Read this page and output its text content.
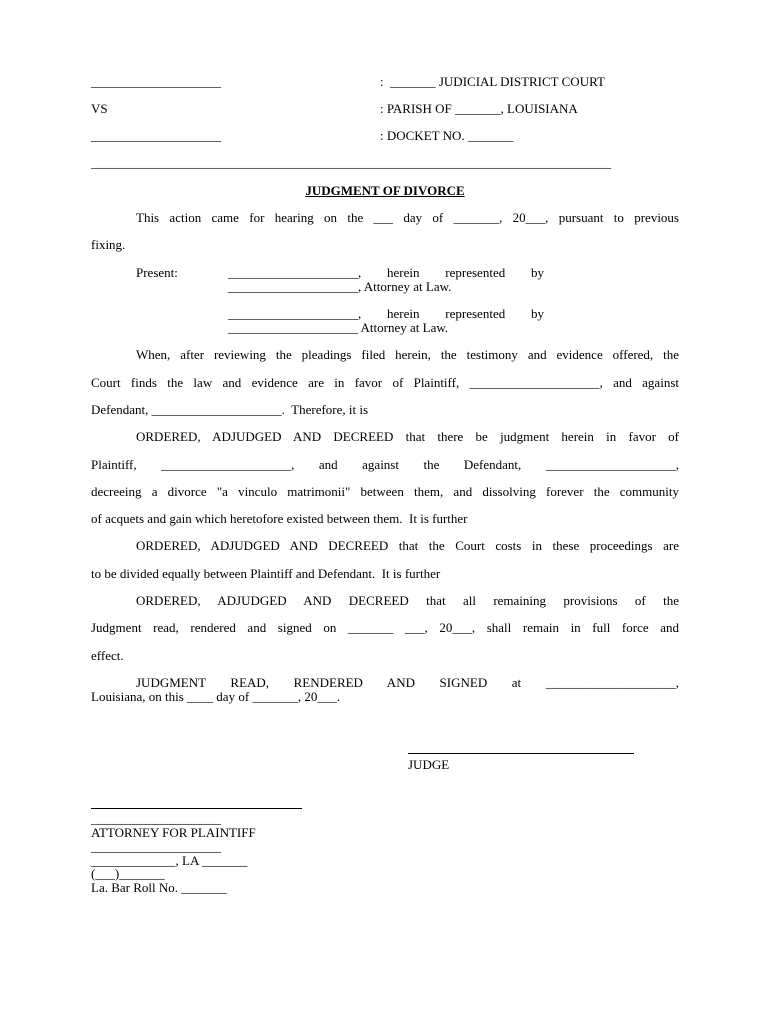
____________________	:  _______ JUDICIAL DISTRICT COURT
VS	: PARISH OF _______, LOUISIANA
____________________	: DOCKET NO. _______
________________________________________________________________________________
JUDGMENT OF DIVORCE
This action came for hearing on the ___ day of _______, 20___, pursuant to previous
fixing.
Present:	____________________, herein represented by
____________________, Attorney at Law.
____________________, herein represented by
____________________ Attorney at Law.
When, after reviewing the pleadings filed herein, the testimony and evidence offered, the
Court finds the law and evidence are in favor of Plaintiff, ____________________, and against
Defendant, ____________________.  Therefore, it is
ORDERED, ADJUDGED AND DECREED that there be judgment herein in favor of
Plaintiff, ____________________, and against the Defendant, ____________________,
decreeing a divorce "a vinculo matrimonii" between them, and dissolving forever the community
of acquets and gain which heretofore existed between them.  It is further
ORDERED, ADJUDGED AND DECREED that the Court costs in these proceedings are
to be divided equally between Plaintiff and Defendant.  It is further
ORDERED, ADJUDGED AND DECREED that all remaining provisions of the
Judgment read, rendered and signed on _______ ___, 20___, shall remain in full force and
effect.
JUDGMENT READ, RENDERED AND SIGNED at ____________________,
Louisiana, on this ____ day of _______, 20___.
JUDGE
____________________
ATTORNEY FOR PLAINTIFF
____________________
_____________, LA _______
(___)_______
La. Bar Roll No. _______
